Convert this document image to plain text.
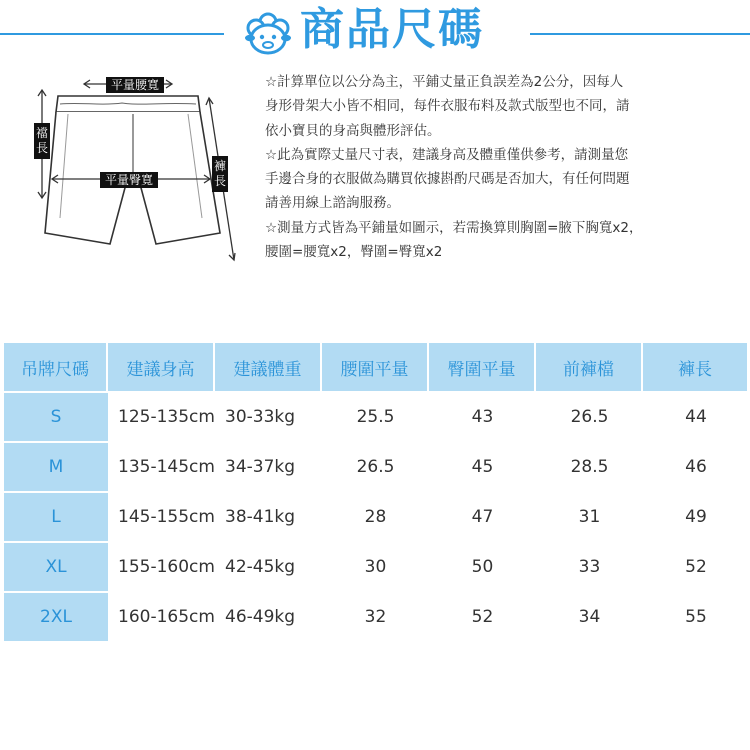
商品尺碼
平量腰寬
平量臀寬
襠長
褲長

☆計算單位以公分為主，平鋪丈量正負誤差為2公分，因每人

身形骨架大小皆不相同，每件衣服布料及款式版型也不同，請

依小寶貝的身高與體形評估。

☆此為實際丈量尺寸表，建議身高及體重僅供參考，請測量您

手邊合身的衣服做為購買依據斟酌尺碼是否加大，有任何問題

請善用線上諮詢服務。

☆測量方式皆為平鋪量如圖示，若需換算則胸圍=腋下胸寬x2，

腰圍=腰寬x2，臀圍=臀寬x2

吊牌尺碼	建議身高	建議體重	腰圍平量	臀圍平量	前褲檔	褲長
S	125-135cm	30-33kg	25.5	43	26.5	44
M	135-145cm	34-37kg	26.5	45	28.5	46
L	145-155cm	38-41kg	28	47	31	49
XL	155-160cm	42-45kg	30	50	33	52
2XL	160-165cm	46-49kg	32	52	34	55
